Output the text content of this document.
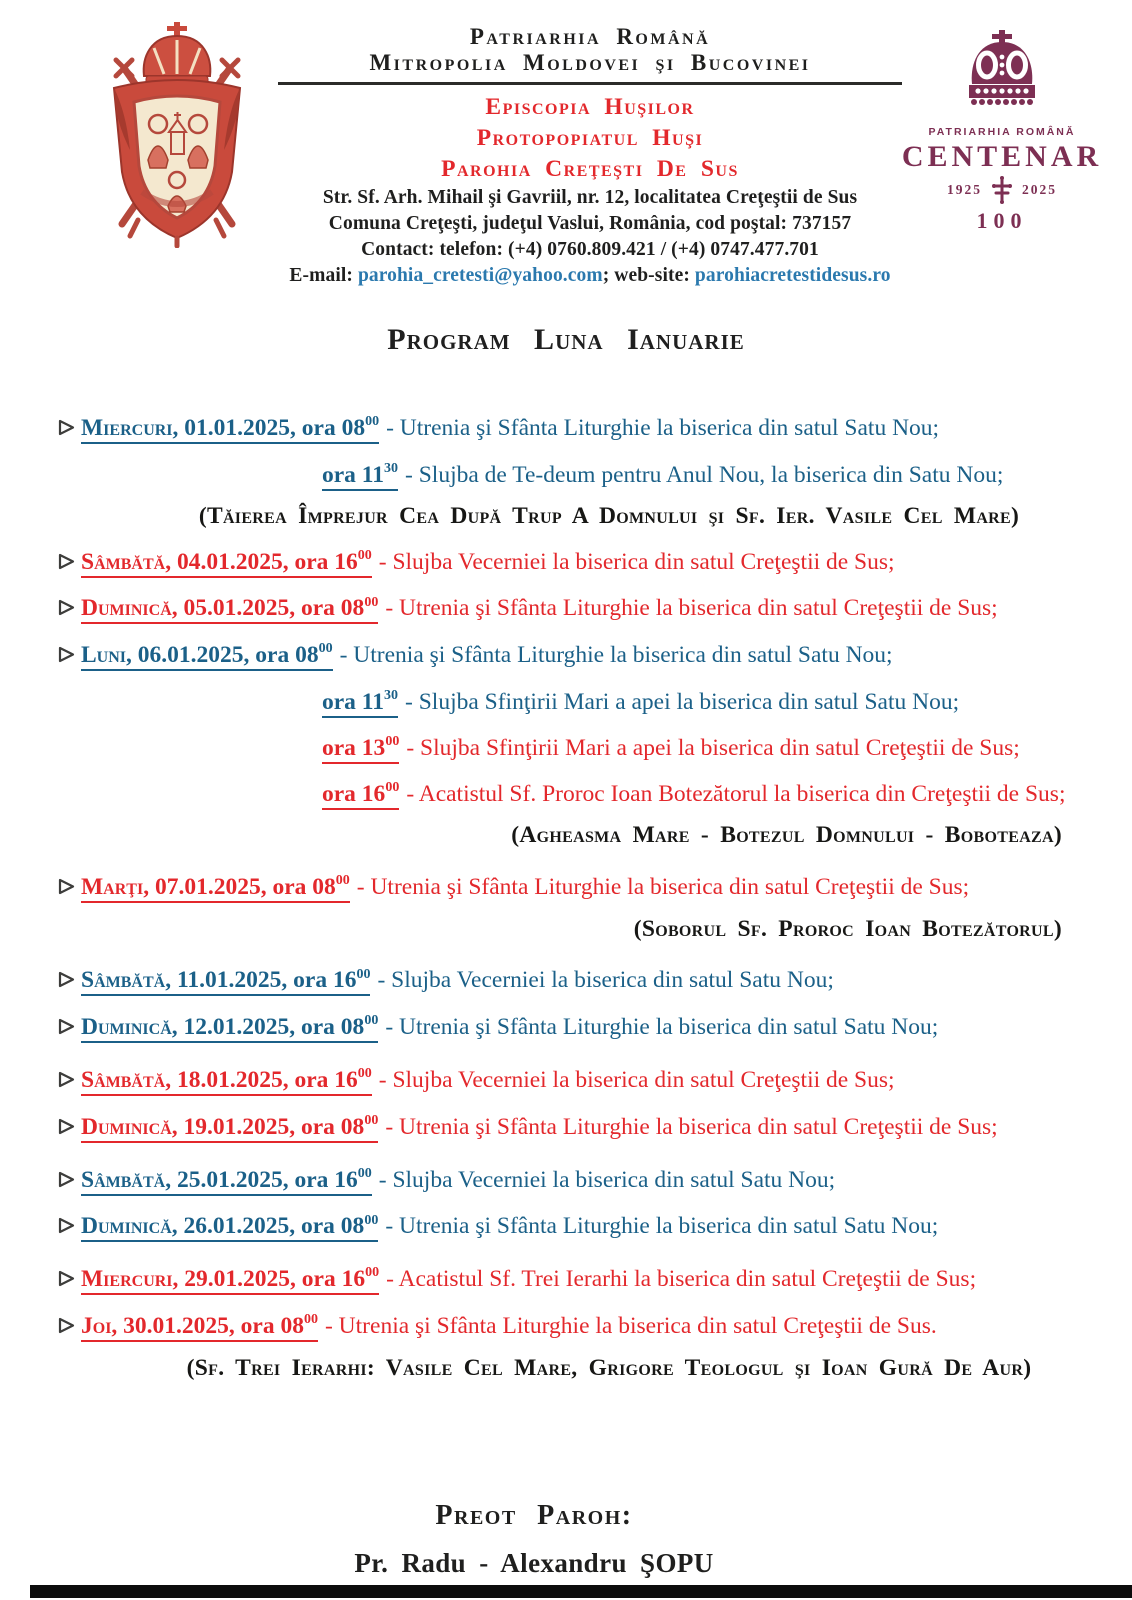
Patriarhia Română
Mitropolia Moldovei şi Bucovinei
Episcopia Huşilor
Protopopiatul Huşi
Parohia Creţeşti De Sus
Str. Sf. Arh. Mihail şi Gavriil, nr. 12, localitatea Creţeştii de Sus
Comuna Creţeşti, judeţul Vaslui, România, cod poştal: 737157
Contact: telefon: (+4) 0760.809.421 / (+4) 0747.477.701
E-mail: parohia_cretesti@yahoo.com; web-site: parohiacretestidesus.ro
PATRIARHIA ROMÂNĂ
CENTENAR
1925	2025
100
Program Luna Ianuarie
Miercuri, 01.01.2025, ora $08^{00}$ - Utrenia şi Sfânta Liturghie la biserica din satul Satu Nou;
ora $11^{30}$ - Slujba de Te-deum pentru Anul Nou, la biserica din Satu Nou;
(Tăierea Împrejur Cea După Trup A Domnului şi Sf. Ier. Vasile Cel Mare)
Sâmbătă, 04.01.2025, ora $16^{00}$ - Slujba Vecerniei la biserica din satul Creţeştii de Sus;
Duminică, 05.01.2025, ora $08^{00}$ - Utrenia şi Sfânta Liturghie la biserica din satul Creţeştii de Sus;
Luni, 06.01.2025, ora $08^{00}$ - Utrenia şi Sfânta Liturghie la biserica din satul Satu Nou;
ora $11^{30}$ - Slujba Sfinţirii Mari a apei la biserica din satul Satu Nou;
ora $13^{00}$ - Slujba Sfinţirii Mari a apei la biserica din satul Creţeştii de Sus;
ora $16^{00}$ - Acatistul Sf. Proroc Ioan Botezătorul la biserica din Creţeştii de Sus;
(Agheasma Mare - Botezul Domnului - Boboteaza)
Marţi, 07.01.2025, ora $08^{00}$ - Utrenia şi Sfânta Liturghie la biserica din satul Creţeştii de Sus;
(Soborul Sf. Proroc Ioan Botezătorul)
Sâmbătă, 11.01.2025, ora $16^{00}$ - Slujba Vecerniei la biserica din satul Satu Nou;
Duminică, 12.01.2025, ora $08^{00}$ - Utrenia şi Sfânta Liturghie la biserica din satul Satu Nou;
Sâmbătă, 18.01.2025, ora $16^{00}$ - Slujba Vecerniei la biserica din satul Creţeştii de Sus;
Duminică, 19.01.2025, ora $08^{00}$ - Utrenia şi Sfânta Liturghie la biserica din satul Creţeştii de Sus;
Sâmbătă, 25.01.2025, ora $16^{00}$ - Slujba Vecerniei la biserica din satul Satu Nou;
Duminică, 26.01.2025, ora $08^{00}$ - Utrenia şi Sfânta Liturghie la biserica din satul Satu Nou;
Miercuri, 29.01.2025, ora $16^{00}$ - Acatistul Sf. Trei Ierarhi la biserica din satul Creţeştii de Sus;
Joi, 30.01.2025, ora $08^{00}$ - Utrenia şi Sfânta Liturghie la biserica din satul Creţeştii de Sus.
(Sf. Trei Ierarhi: Vasile Cel Mare, Grigore Teologul şi Ioan Gură De Aur)
Preot Paroh:
Pr. Radu - Alexandru ŞOPU
